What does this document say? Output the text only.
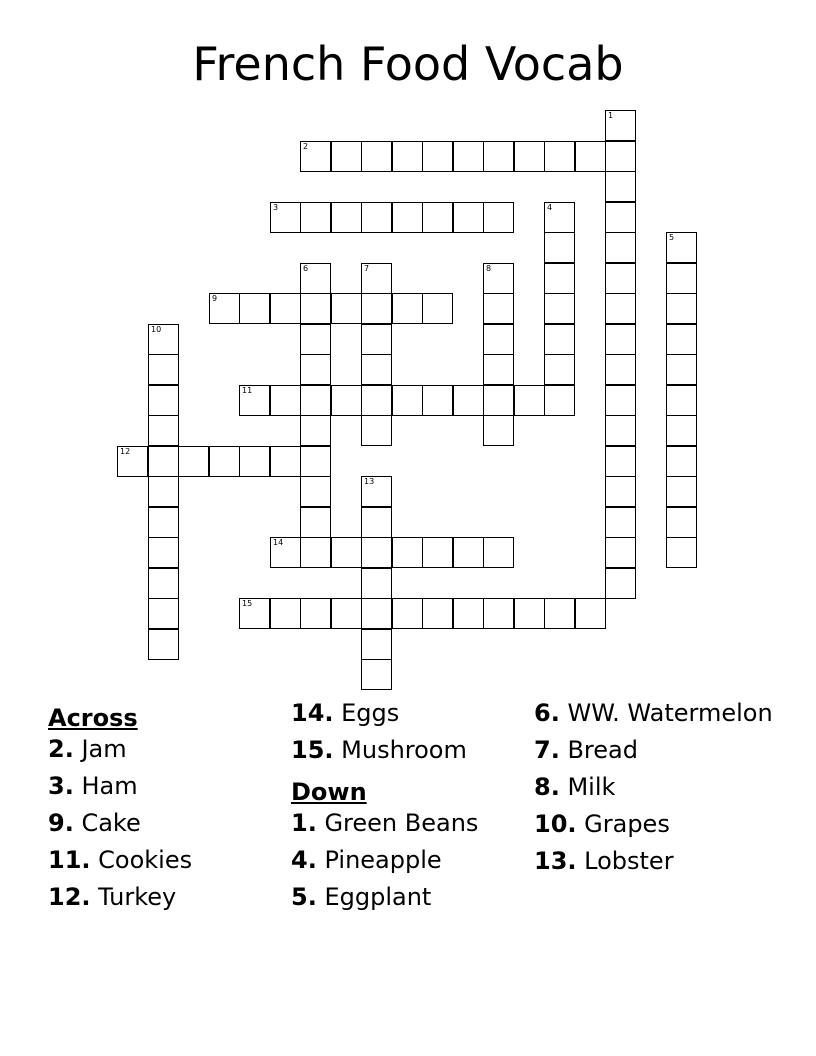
French Food Vocab
1
2
3	4
5
6	7	8
9
10
11
12
13
14
15
Across
2. Jam
3. Ham
9. Cake
11. Cookies
12. Turkey
14. Eggs
15. Mushroom
Down
1. Green Beans
4. Pineapple
5. Eggplant
6. WW. Watermelon
7. Bread
8. Milk
10. Grapes
13. Lobster
